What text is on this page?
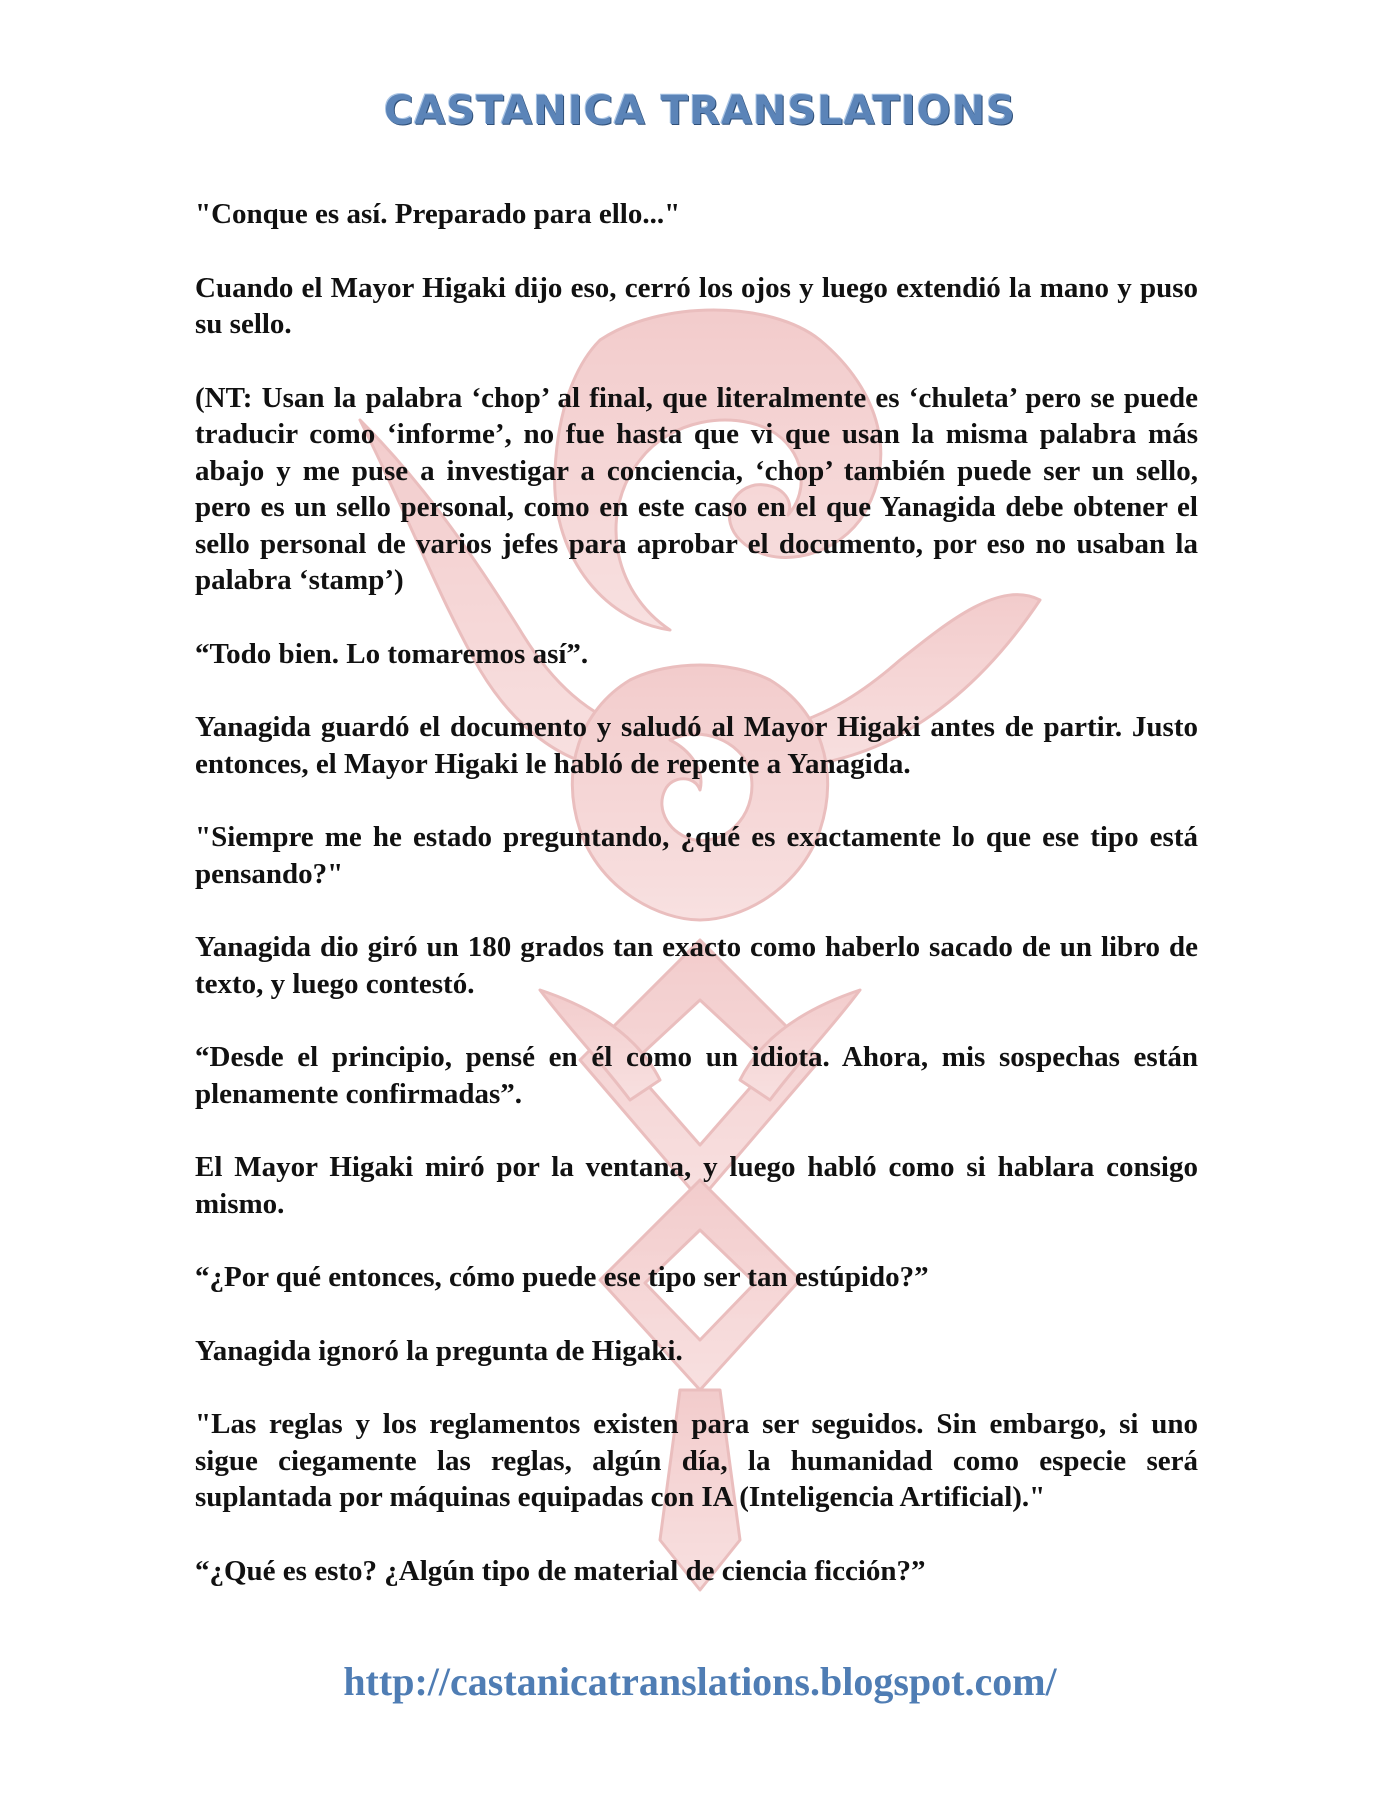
CASTANICA TRANSLATIONS

"Conque es así. Preparado para ello..."

Cuando el Mayor Higaki dijo eso, cerró los ojos y luego extendió la mano y puso su sello.

(NT: Usan la palabra ‘chop’ al final, que literalmente es ‘chuleta’ pero se puede traducir como ‘informe’, no fue hasta que vi que usan la misma palabra más abajo y me puse a investigar a conciencia, ‘chop’ también puede ser un sello, pero es un sello personal, como en este caso en el que Yanagida debe obtener el sello personal de varios jefes para aprobar el documento, por eso no usaban la palabra ‘stamp’)

“Todo bien. Lo tomaremos así”.

Yanagida guardó el documento y saludó al Mayor Higaki antes de partir. Justo entonces, el Mayor Higaki le habló de repente a Yanagida.

"Siempre me he estado preguntando, ¿qué es exactamente lo que ese tipo está pensando?"

Yanagida dio giró un 180 grados tan exacto como haberlo sacado de un libro de texto, y luego contestó.

“Desde el principio, pensé en él como un idiota. Ahora, mis sospechas están plenamente confirmadas”.

El Mayor Higaki miró por la ventana, y luego habló como si hablara consigo mismo.

“¿Por qué entonces, cómo puede ese tipo ser tan estúpido?”

Yanagida ignoró la pregunta de Higaki.

"Las reglas y los reglamentos existen para ser seguidos. Sin embargo, si uno sigue ciegamente las reglas, algún día, la humanidad como especie será suplantada por máquinas equipadas con IA (Inteligencia Artificial)."

“¿Qué es esto? ¿Algún tipo de material de ciencia ficción?”

http://castanicatranslations.blogspot.com/
